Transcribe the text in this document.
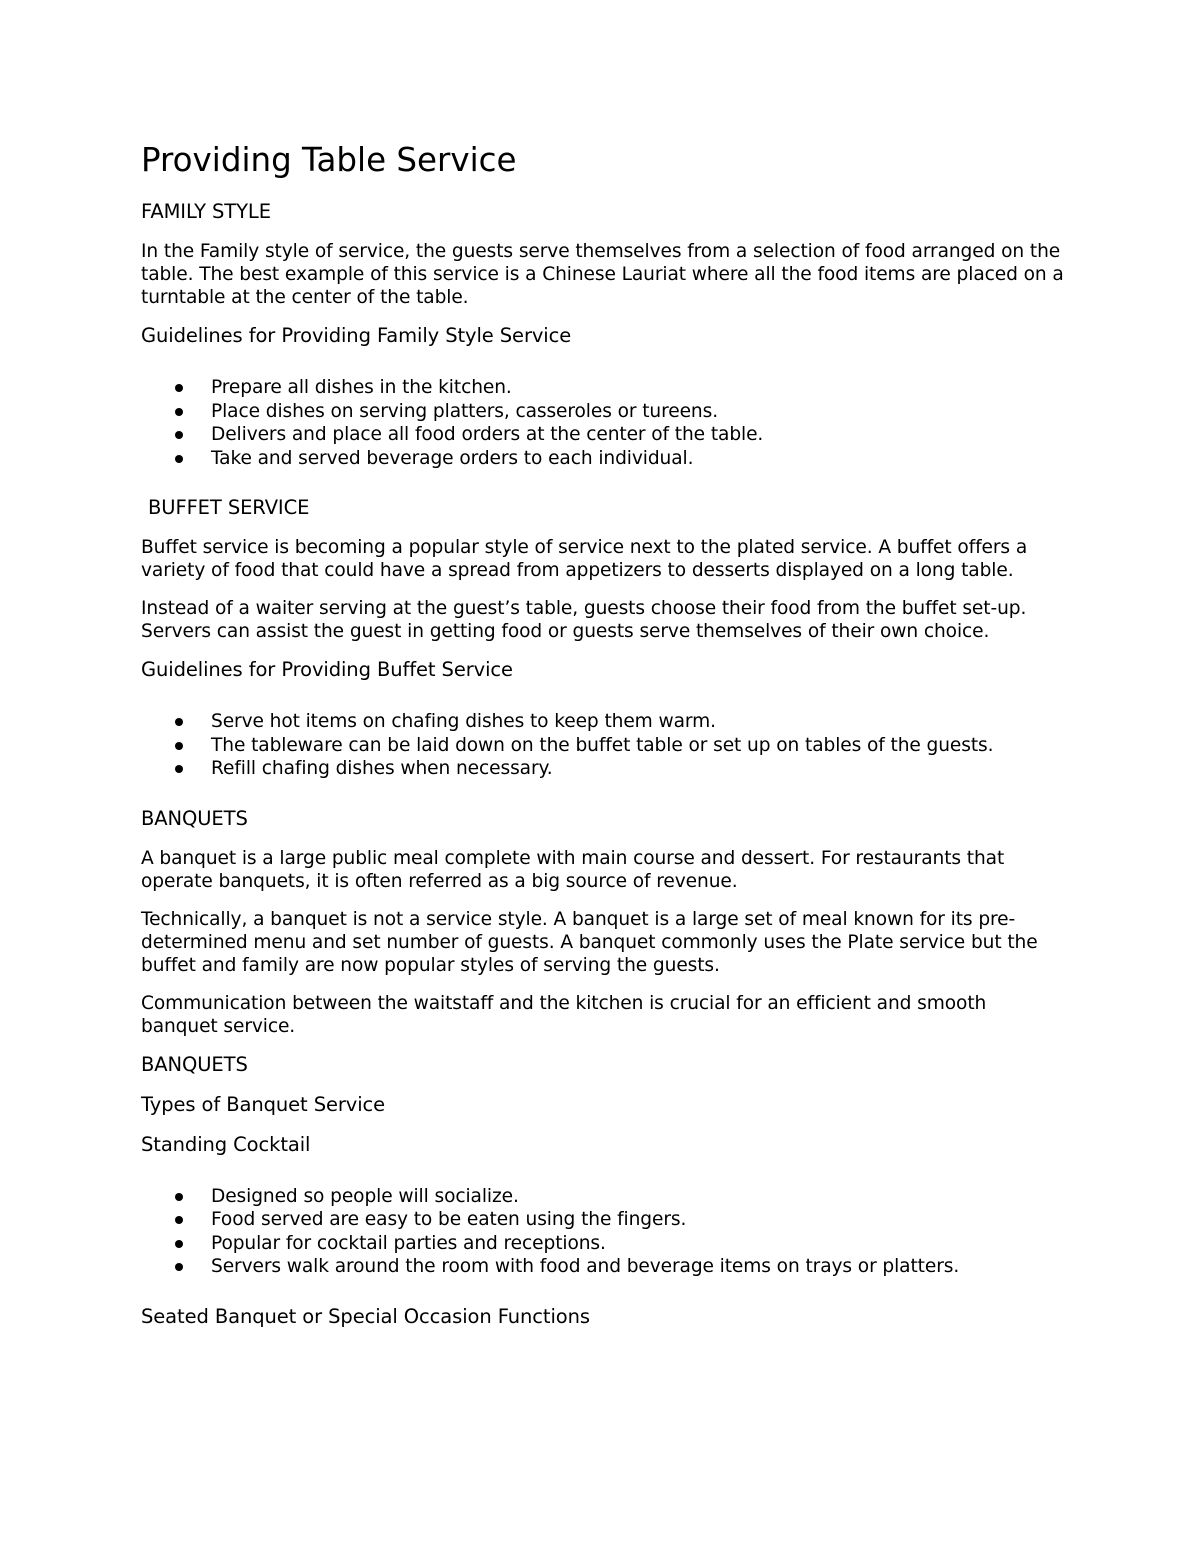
Providing Table Service
FAMILY STYLE

In the Family style of service, the guests serve themselves from a selection of food arranged on the table. The best example of this service is a Chinese Lauriat where all the food items are placed on a turntable at the center of the table.

Guidelines for Providing Family Style Service
Prepare all dishes in the kitchen.
Place dishes on serving platters, casseroles or tureens.
Delivers and place all food orders at the center of the table.
Take and served beverage orders to each individual.
BUFFET SERVICE

Buffet service is becoming a popular style of service next to the plated service. A buffet offers a variety of food that could have a spread from appetizers to desserts displayed on a long table.

Instead of a waiter serving at the guest’s table, guests choose their food from the buffet set-up. Servers can assist the guest in getting food or guests serve themselves of their own choice.

Guidelines for Providing Buffet Service
Serve hot items on chafing dishes to keep them warm.
The tableware can be laid down on the buffet table or set up on tables of the guests.
Refill chafing dishes when necessary.
BANQUETS

A banquet is a large public meal complete with main course and dessert. For restaurants that operate banquets, it is often referred as a big source of revenue.

Technically, a banquet is not a service style. A banquet is a large set of meal known for its pre-determined menu and set number of guests. A banquet commonly uses the Plate service but the buffet and family are now popular styles of serving the guests.

Communication between the waitstaff and the kitchen is crucial for an efficient and smooth banquet service.

BANQUETS
Types of Banquet Service
Standing Cocktail
Designed so people will socialize.
Food served are easy to be eaten using the fingers.
Popular for cocktail parties and receptions.
Servers walk around the room with food and beverage items on trays or platters.
Seated Banquet or Special Occasion Functions
